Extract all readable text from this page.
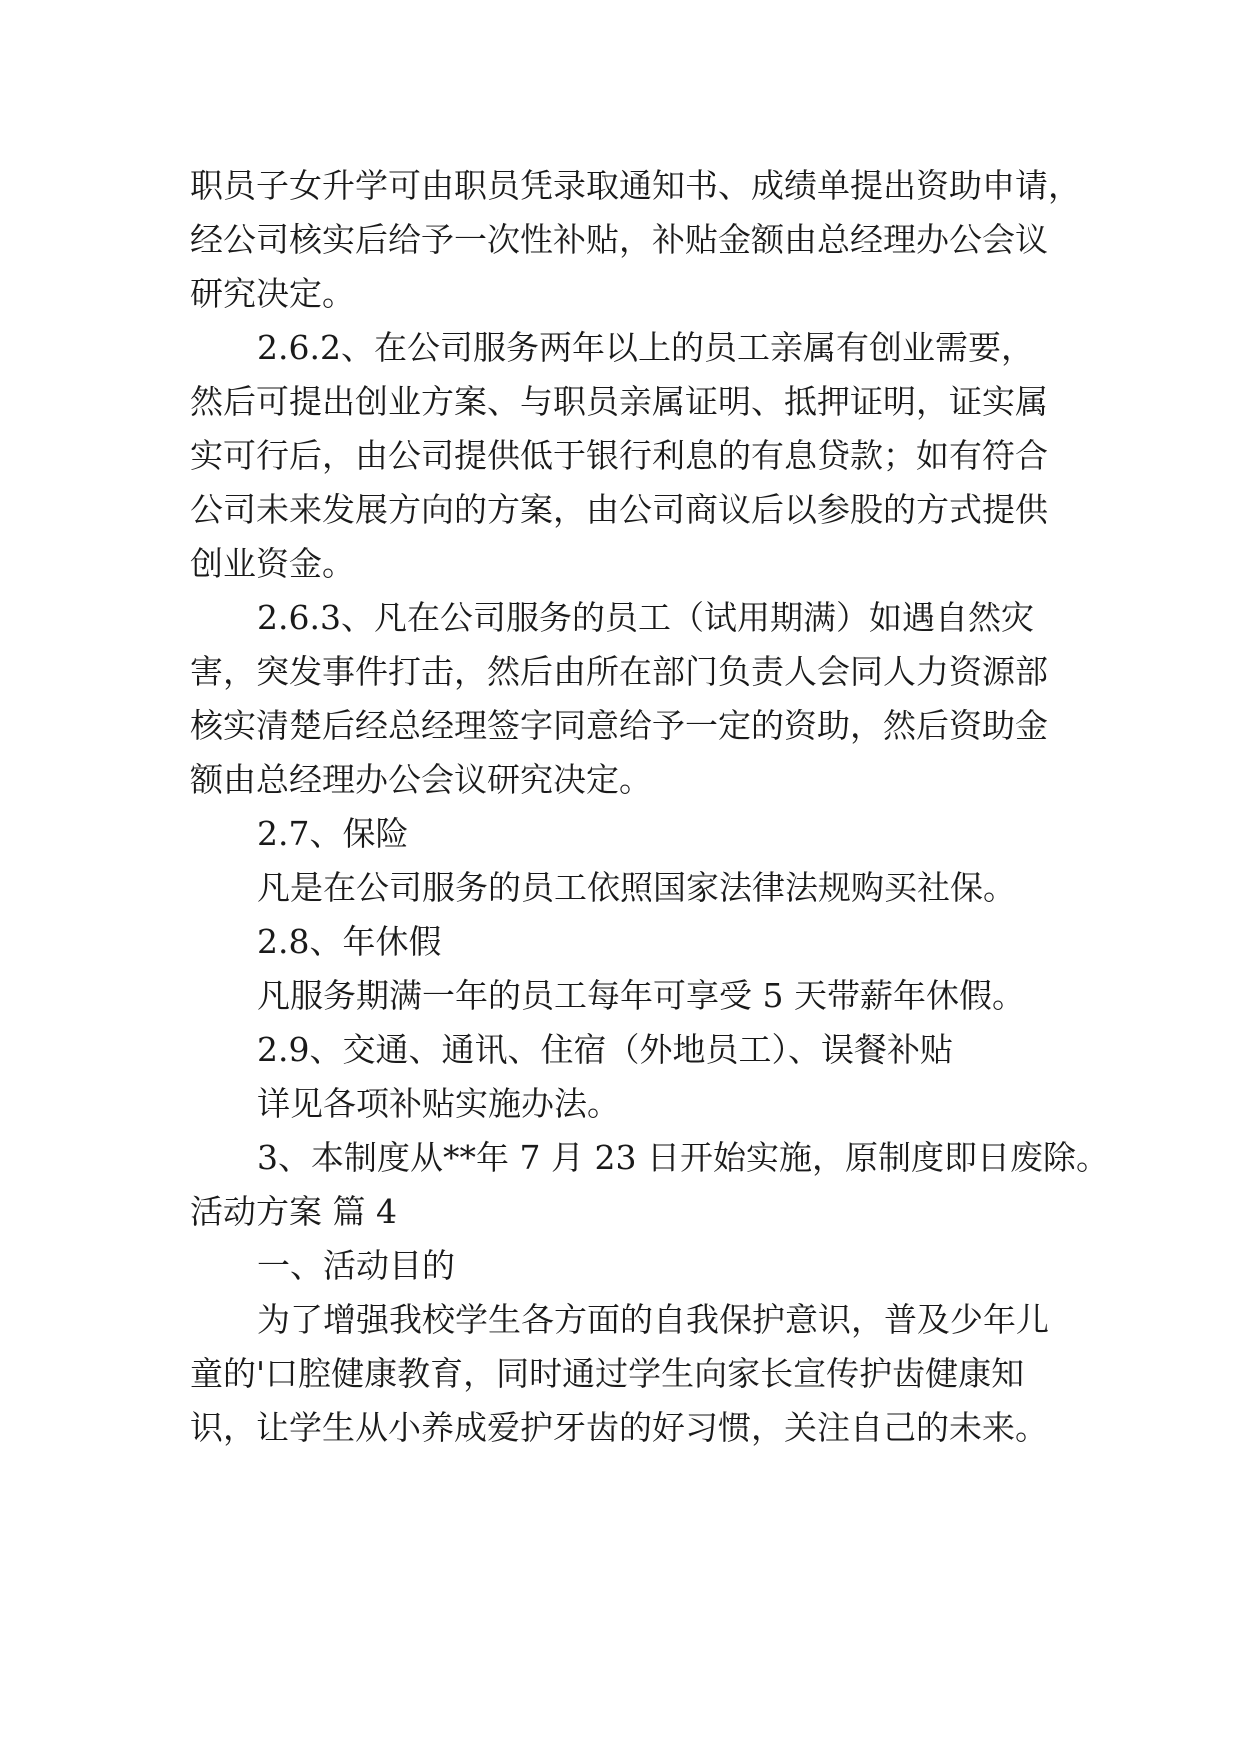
职员子女升学可由职员凭录取通知书、成绩单提出资助申请，
经公司核实后给予一次性补贴，补贴金额由总经理办公会议
研究决定。
2.6.2、在公司服务两年以上的员工亲属有创业需要，
然后可提出创业方案、与职员亲属证明、抵押证明，证实属
实可行后，由公司提供低于银行利息的有息贷款；如有符合
公司未来发展方向的方案，由公司商议后以参股的方式提供
创业资金。
2.6.3、凡在公司服务的员工（试用期满）如遇自然灾
害，突发事件打击，然后由所在部门负责人会同人力资源部
核实清楚后经总经理签字同意给予一定的资助，然后资助金
额由总经理办公会议研究决定。
2.7、保险
凡是在公司服务的员工依照国家法律法规购买社保。
2.8、年休假
凡服务期满一年的员工每年可享受 5 天带薪年休假。
2.9、交通、通讯、住宿（外地员工）、误餐补贴
详见各项补贴实施办法。
3、本制度从**年 7 月 23 日开始实施，原制度即日废除。
活动方案 篇 4
一、活动目的
为了增强我校学生各方面的自我保护意识，普及少年儿
童的'口腔健康教育，同时通过学生向家长宣传护齿健康知
识，让学生从小养成爱护牙齿的好习惯，关注自己的未来。
